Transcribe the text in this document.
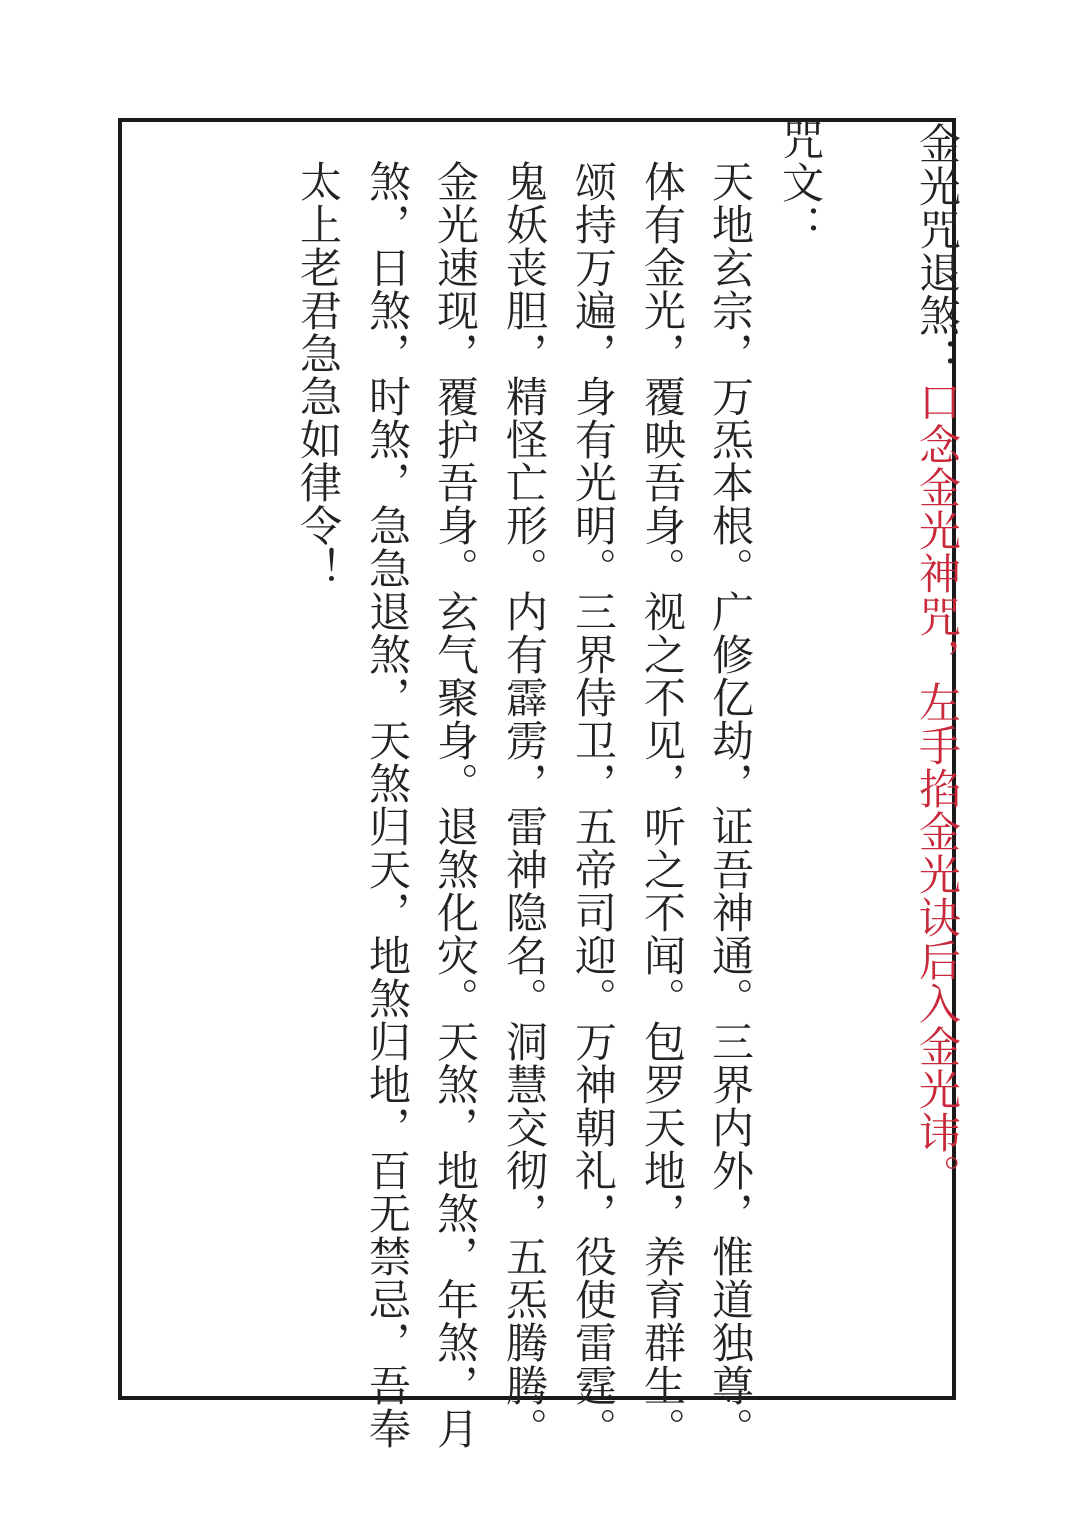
金光咒退煞：口念金光神咒，左手掐金光诀后入金光讳。
咒文：
天地玄宗，万炁本根。广修亿劫，证吾神通。三界内外，惟道独尊。
体有金光，覆映吾身。视之不见，听之不闻。包罗天地，养育群生。
颂持万遍，身有光明。三界侍卫，五帝司迎。万神朝礼，役使雷霆。
鬼妖丧胆，精怪亡形。内有霹雳，雷神隐名。洞慧交彻，五炁腾腾。
金光速现，覆护吾身。玄气聚身。退煞化灾。天煞，地煞，年煞，月
煞，日煞，时煞，急急退煞，天煞归天，地煞归地，百无禁忌，吾奉
太上老君急急如律令！
